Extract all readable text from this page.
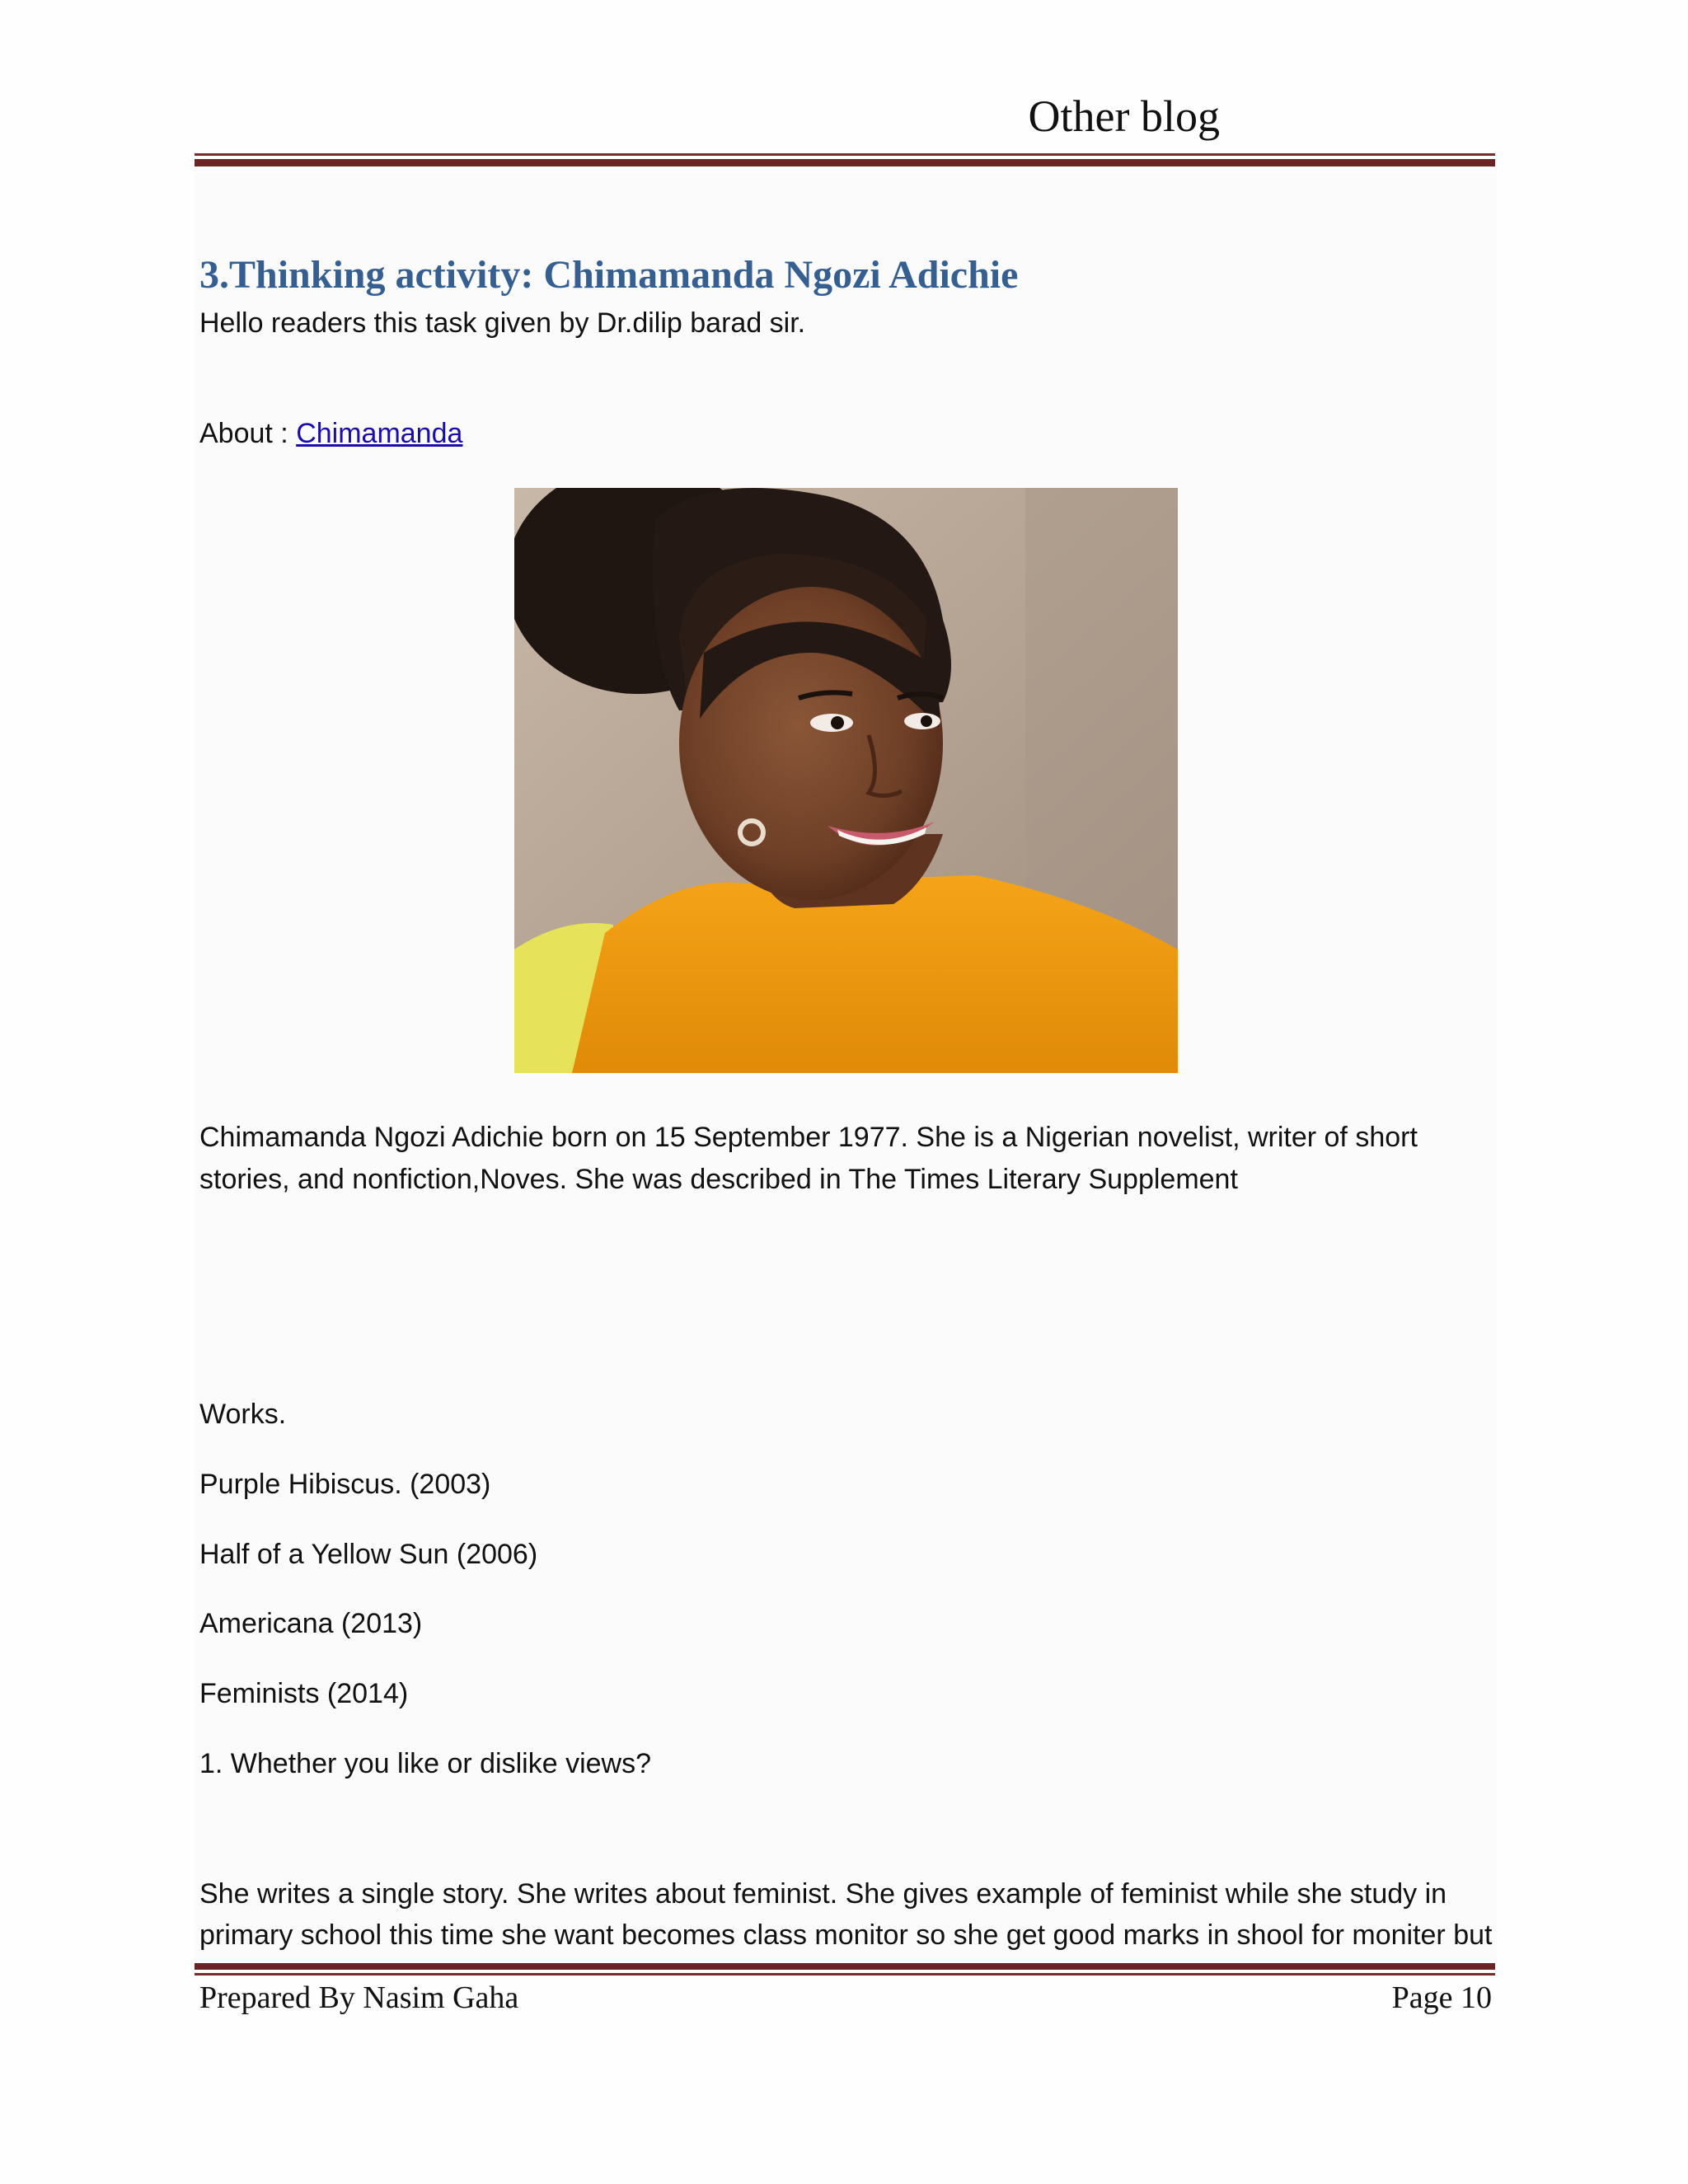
Other blog
3.Thinking activity: Chimamanda Ngozi Adichie
Hello readers this task given by Dr.dilip barad sir.
About : Chimamanda
Chimamanda Ngozi Adichie born on 15 September 1977. She is a Nigerian novelist, writer of short
stories, and nonfiction,Noves. She was described in The Times Literary Supplement
Works.
Purple Hibiscus. (2003)
Half of a Yellow Sun (2006)
Americana (2013)
Feminists (2014)
1. Whether you like or dislike views?
She writes a single story. She writes about feminist. She gives example of feminist while she study in
primary school this time she want becomes class monitor so she get good marks in shool for moniter but
Prepared By Nasim Gaha	Page 10
